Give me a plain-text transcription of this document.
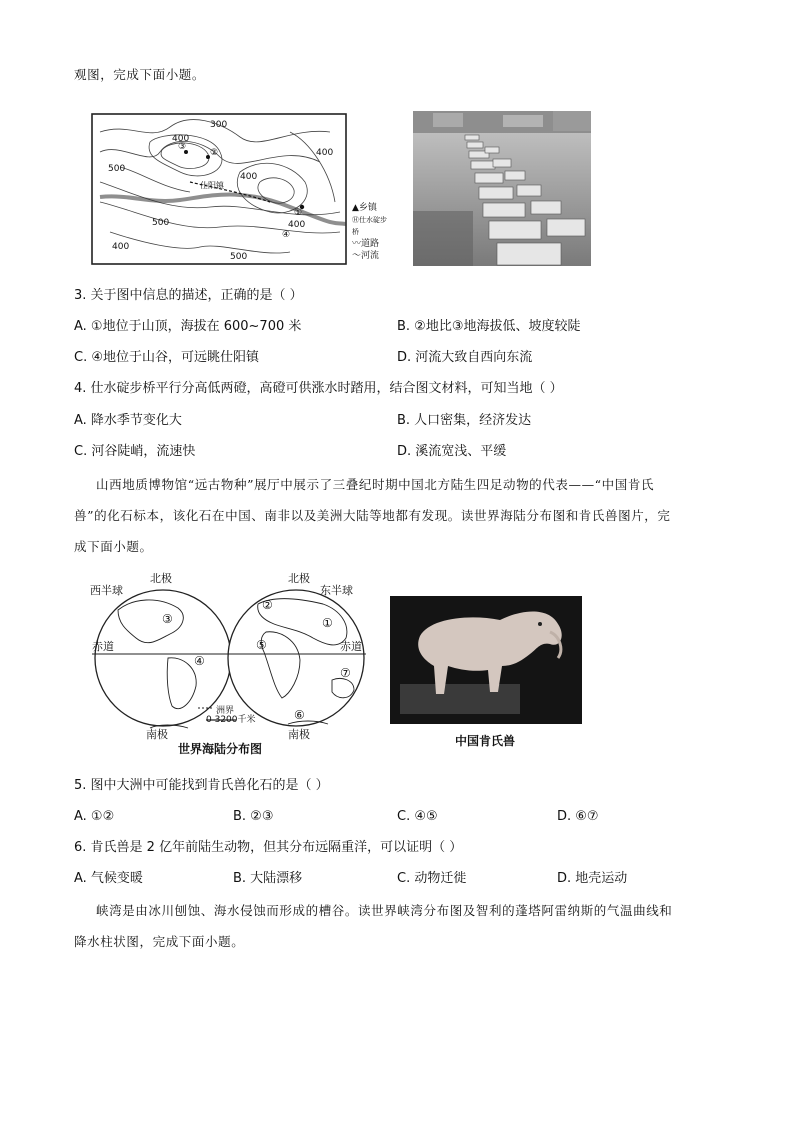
观图，完成下面小题。
400
500
400
400
500
400
300
500
400
①
②
③
④
仕阳镇
▲乡镇
Ⓗ仕水碇步桥
〰道路
〜河流
3. 关于图中信息的描述，正确的是（ ）
A. ①地位于山顶，海拔在 600~700 米	B. ②地比③地海拔低、坡度较陡
C. ④地位于山谷，可远眺仕阳镇	D. 河流大致自西向东流
4. 仕水碇步桥平行分高低两磴，高磴可供涨水时踏用，结合图文材料，可知当地（ ）
A. 降水季节变化大	B. 人口密集，经济发达
C. 河谷陡峭，流速快	D. 溪流宽浅、平缓
山西地质博物馆“远古物种”展厅中展示了三叠纪时期中国北方陆生四足动物的代表——“中国肯氏
兽”的化石标本，该化石在中国、南非以及美洲大陆等地都有发现。读世界海陆分布图和肯氏兽图片，完
成下面小题。
西半球
北极	北极
东半球
赤道	赤道
南极	南极
洲界
0 3200千米
①
②
③
④
⑤
⑥
⑦
世界海陆分布图
中国肯氏兽
5. 图中大洲中可能找到肯氏兽化石的是（ ）
A. ①②	B. ②③	C. ④⑤	D. ⑥⑦
6. 肯氏兽是 2 亿年前陆生动物，但其分布远隔重洋，可以证明（ ）
A. 气候变暖	B. 大陆漂移	C. 动物迁徙	D. 地壳运动
峡湾是由冰川刨蚀、海水侵蚀而形成的槽谷。读世界峡湾分布图及智利的蓬塔阿雷纳斯的气温曲线和
降水柱状图，完成下面小题。
